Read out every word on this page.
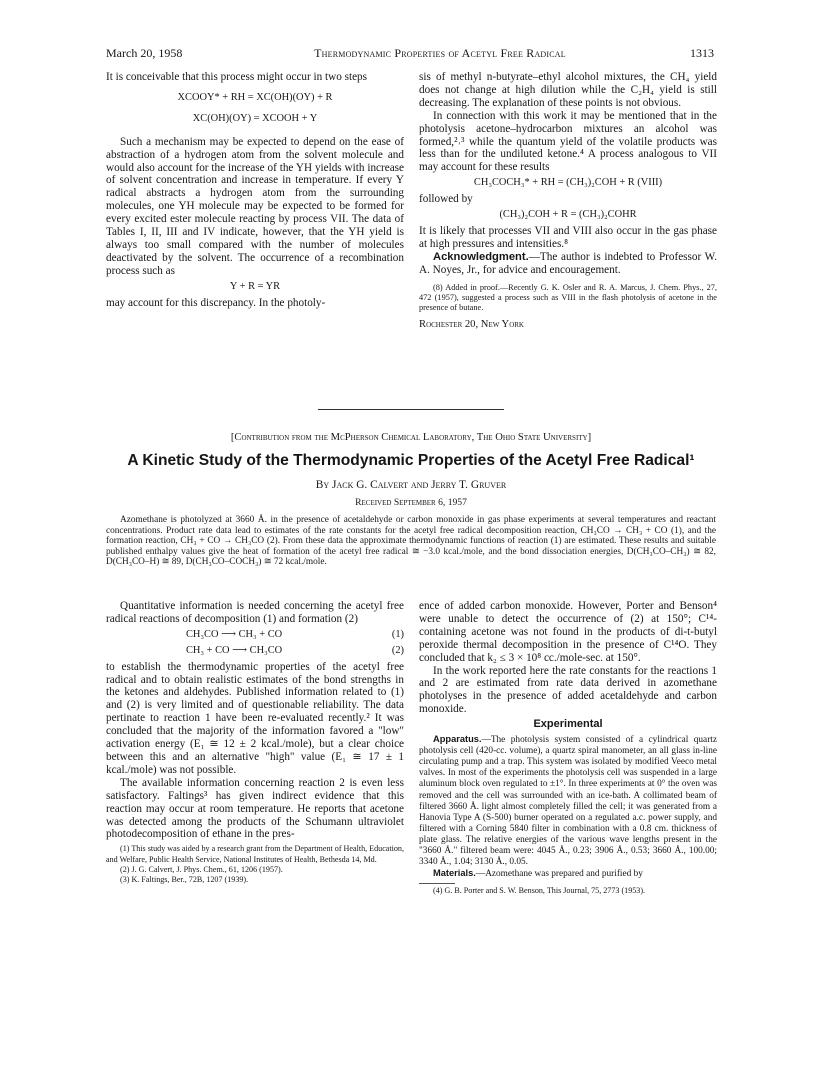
March 20, 1958	Thermodynamic Properties of Acetyl Free Radical	1313

It is conceivable that this process might occur in two steps

XCOOY* + RH = XC(OH)(OY) + R
XC(OH)(OY) = XCOOH + Y

Such a mechanism may be expected to depend on the ease of abstraction of a hydrogen atom from the solvent molecule and would also account for the increase of the YH yields with increase of solvent concentration and increase in temperature. If every Y radical abstracts a hydrogen atom from the surrounding molecules, one YH molecule may be expected to be formed for every excited ester molecule reacting by process VII. The data of Tables I, II, III and IV indicate, however, that the YH yield is always too small compared with the number of molecules deactivated by the solvent. The occurrence of a recombination process such as

Y + R = YR

may account for this discrepancy. In the photoly-

sis of methyl n-butyrate–ethyl alcohol mixtures, the CH₄ yield does not change at high dilution while the C₂H₄ yield is still decreasing. The explanation of these points is not obvious.

In connection with this work it may be mentioned that in the photolysis acetone–hydrocarbon mixtures an alcohol was formed,²˒³ while the quantum yield of the volatile products was less than for the undiluted ketone.⁴ A process analogous to VII may account for these results

CH₃COCH₃* + RH = (CH₃)₂COH + R (VIII)

followed by

(CH₃)₂COH + R = (CH₃)₂COHR

It is likely that processes VII and VIII also occur in the gas phase at high pressures and intensities.⁸

Acknowledgment.—The author is indebted to Professor W. A. Noyes, Jr., for advice and encouragement.

(8) Added in proof.—Recently G. K. Osler and R. A. Marcus, J. Chem. Phys., 27, 472 (1957), suggested a process such as VIII in the flash photolysis of acetone in the presence of butane.

Rochester 20, New York

[Contribution from the McPherson Chemical Laboratory, The Ohio State University]
A Kinetic Study of the Thermodynamic Properties of the Acetyl Free Radical¹
By Jack G. Calvert and Jerry T. Gruver
Received September 6, 1957

Azomethane is photolyzed at 3660 Å. in the presence of acetaldehyde or carbon monoxide in gas phase experiments at several temperatures and reactant concentrations. Product rate data lead to estimates of the rate constants for the acetyl free radical decomposition reaction, CH₃CO → CH₃ + CO (1), and the formation reaction, CH₃ + CO → CH₃CO (2). From these data the approximate thermodynamic functions of reaction (1) are estimated. These results and suitable published enthalpy values give the heat of formation of the acetyl free radical ≅ −3.0 kcal./mole, and the bond dissociation energies, D(CH₃CO–CH₃) ≅ 82, D(CH₃CO–H) ≅ 89, D(CH₃CO–COCH₃) ≅ 72 kcal./mole.

Quantitative information is needed concerning the acetyl free radical reactions of decomposition (1) and formation (2)

CH₃CO ⟶ CH₃ + CO	(1)
CH₃ + CO ⟶ CH₃CO	(2)

to establish the thermodynamic properties of the acetyl free radical and to obtain realistic estimates of the bond strengths in the ketones and aldehydes. Published information related to (1) and (2) is very limited and of questionable reliability. The data pertinate to reaction 1 have been re-evaluated recently.² It was concluded that the majority of the information favored a "low" activation energy (E₁ ≅ 12 ± 2 kcal./mole), but a clear choice between this and an alternative "high" value (E₁ ≅ 17 ± 1 kcal./mole) was not possible.

The available information concerning reaction 2 is even less satisfactory. Faltings³ has given indirect evidence that this reaction may occur at room temperature. He reports that acetone was detected among the products of the Schumann ultraviolet photodecomposition of ethane in the pres-

(1) This study was aided by a research grant from the Department of Health, Education, and Welfare, Public Health Service, National Institutes of Health, Bethesda 14, Md.

(2) J. G. Calvert, J. Phys. Chem., 61, 1206 (1957).

(3) K. Faltings, Ber., 72B, 1207 (1939).

ence of added carbon monoxide. However, Porter and Benson⁴ were unable to detect the occurrence of (2) at 150°; C¹⁴-containing acetone was not found in the products of di-t-butyl peroxide thermal decomposition in the presence of C¹⁴O. They concluded that k₂ ≤ 3 × 10⁸ cc./mole-sec. at 150°.

In the work reported here the rate constants for the reactions 1 and 2 are estimated from rate data derived in azomethane photolyses in the presence of added acetaldehyde and carbon monoxide.

Experimental

Apparatus.—The photolysis system consisted of a cylindrical quartz photolysis cell (420-cc. volume), a quartz spiral manometer, an all glass in-line circulating pump and a trap. This system was isolated by modified Veeco metal valves. In most of the experiments the photolysis cell was suspended in a large aluminum block oven regulated to ±1°. In three experiments at 0° the oven was removed and the cell was surrounded with an ice-bath. A collimated beam of filtered 3660 Å. light almost completely filled the cell; it was generated from a Hanovia Type A (S-500) burner operated on a regulated a.c. power supply, and filtered with a Corning 5840 filter in combination with a 0.8 cm. thickness of plate glass. The relative energies of the various wave lengths present in the "3660 Å." filtered beam were: 4045 Å., 0.23; 3906 Å., 0.53; 3660 Å., 100.00; 3340 Å., 1.04; 3130 Å., 0.05.

Materials.—Azomethane was prepared and purified by

(4) G. B. Porter and S. W. Benson, This Journal, 75, 2773 (1953).
